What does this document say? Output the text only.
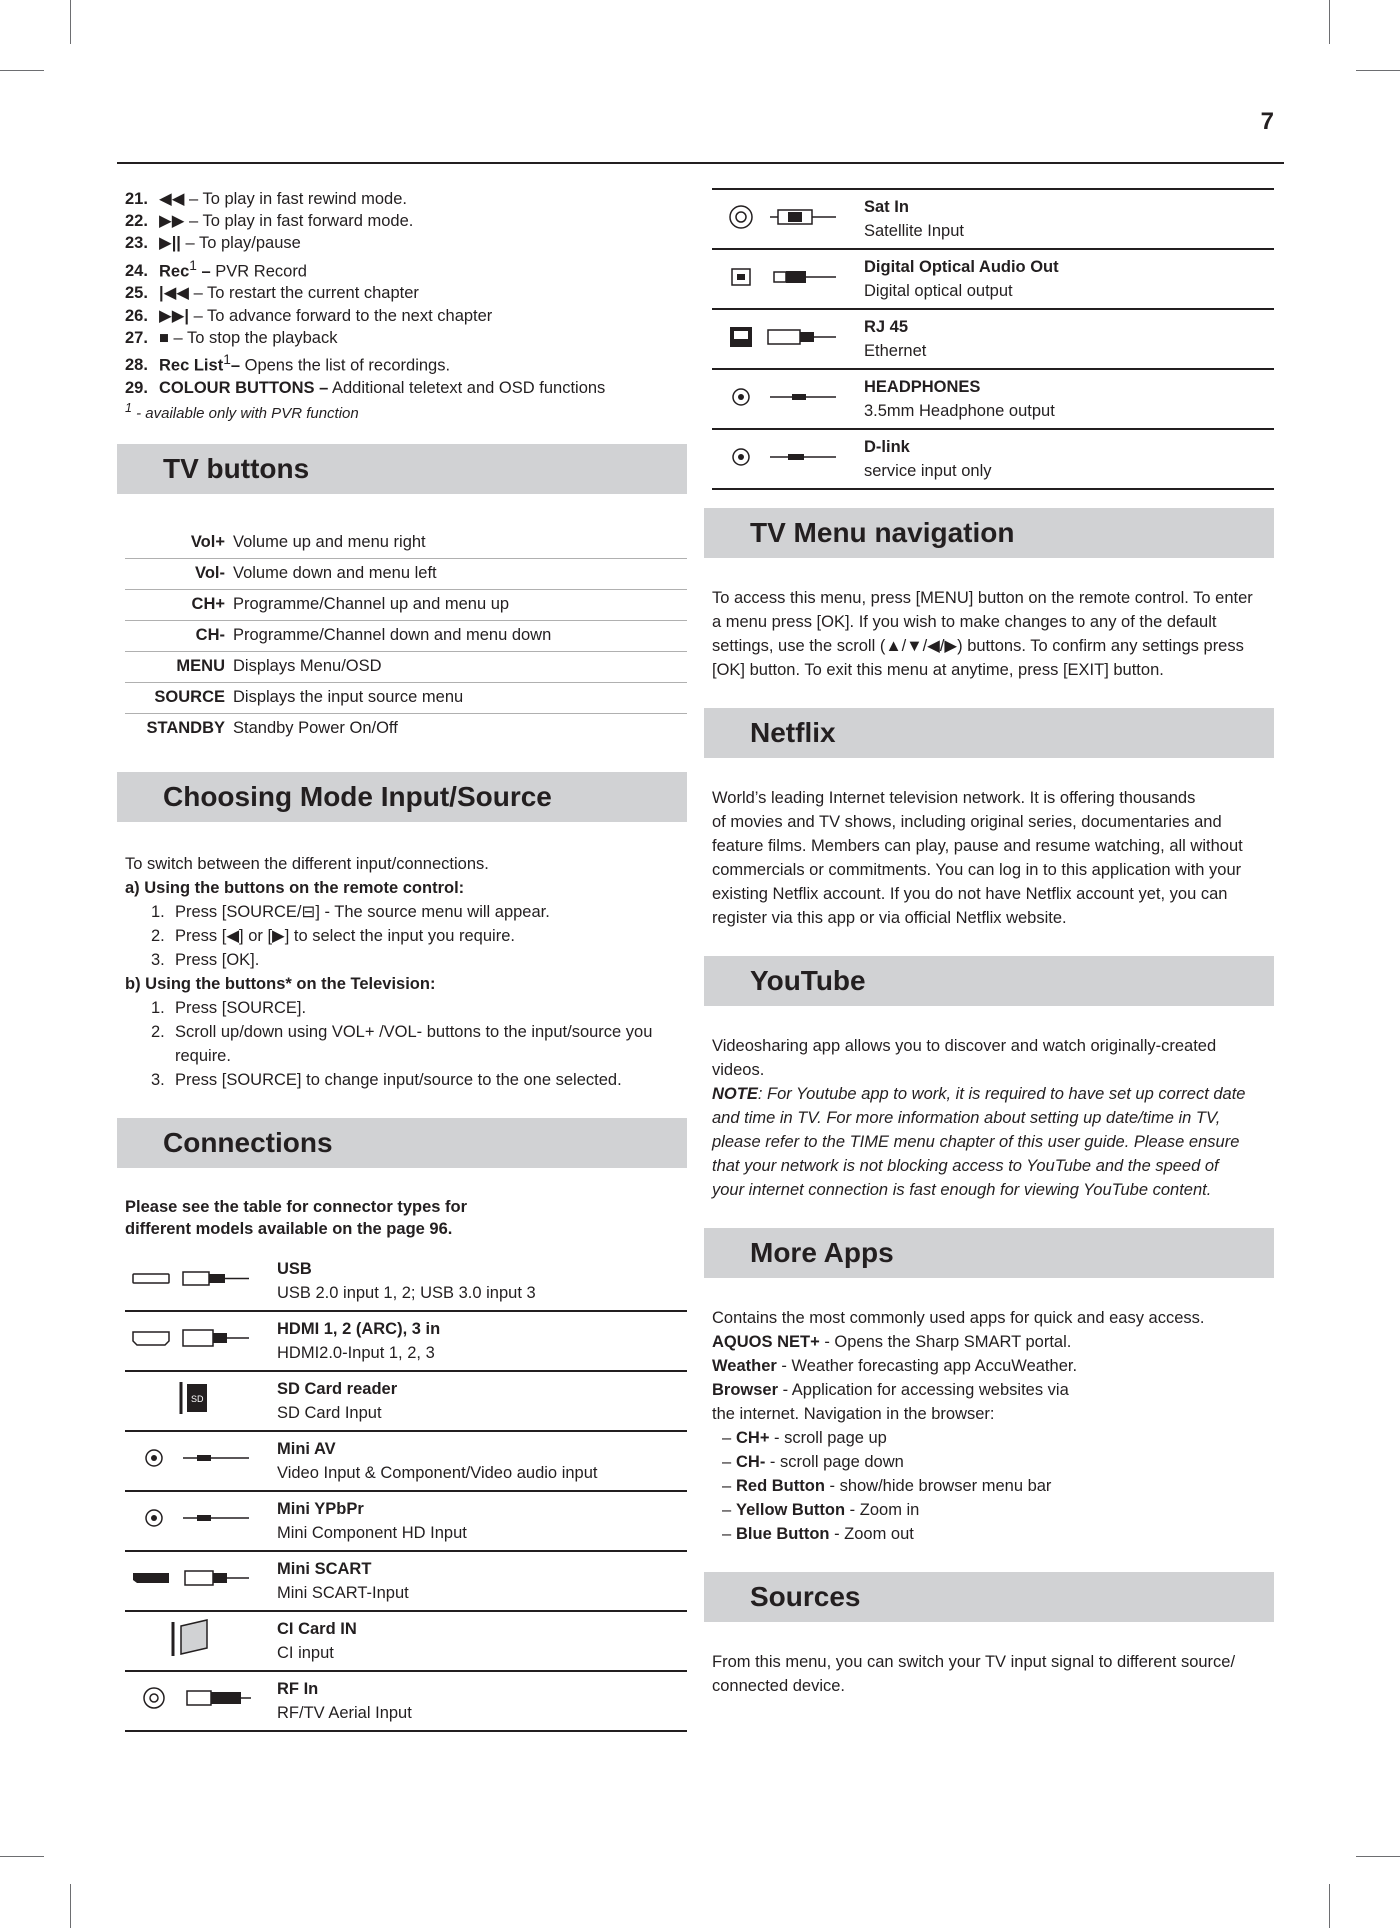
7
21. ◀◀ – To play in fast rewind mode.
22. ▶▶ – To play in fast forward mode.
23. ▶|| – To play/pause
24. Rec$^1$ – PVR Record
25. |◀◀ – To restart the current chapter
26. ▶▶| – To advance forward to the next chapter
27. ■ – To stop the playback
28. Rec List$^1$– Opens the list of recordings.
29. COLOUR BUTTONS – Additional teletext and OSD functions
$^1$ - available only with PVR function
TV buttons
Vol+	Volume up and menu right
Vol-	Volume down and menu left
CH+	Programme/Channel up and menu up
CH-	Programme/Channel down and menu down
MENU	Displays Menu/OSD
SOURCE	Displays the input source menu
STANDBY	Standby Power On/Off
Choosing Mode Input/Source
To switch between the different input/connections.
a) Using the buttons on the remote control:
1. Press [SOURCE/⊟] - The source menu will appear.
2. Press [◀] or [▶] to select the input you require.
3. Press [OK].
b) Using the buttons* on the Television:
1. Press [SOURCE].
2. Scroll up/down using VOL+ /VOL- buttons to the input/source you require.
3. Press [SOURCE] to change input/source to the one selected.
Connections
Please see the table for connector types for
different models available on the page 96.

USB
USB 2.0 input 1, 2; USB 3.0 input 3

HDMI 1, 2 (ARC), 3 in
HDMI2.0-Input 1, 2, 3

SD	SD Card reader
SD Card Input

Mini AV
Video Input & Component/Video audio input

Mini YPbPr
Mini Component HD Input

Mini SCART
Mini SCART-Input

CI Card IN
CI input

RF In
RF/TV Aerial Input

Sat In
Satellite Input

Digital Optical Audio Out
Digital optical output

RJ 45
Ethernet

HEADPHONES
3.5mm Headphone output

D-link
service input only
TV Menu navigation
To access this menu, press [MENU] button on the remote control. To enter
a menu press [OK]. If you wish to make changes to any of the default
settings, use the scroll (▲/▼/◀/▶) buttons. To confirm any settings press
[OK] button. To exit this menu at anytime, press [EXIT] button.
Netflix
World’s leading Internet television network. It is offering thousands
of movies and TV shows, including original series, documentaries and
feature films. Members can play, pause and resume watching, all without
commercials or commitments. You can log in to this application with your
existing Netflix account. If you do not have Netflix account yet, you can
register via this app or via official Netflix website.
YouTube
Videosharing app allows you to discover and watch originally-created
videos.
NOTE: For Youtube app to work, it is required to have set up correct date
and time in TV. For more information about setting up date/time in TV,
please refer to the TIME menu chapter of this user guide. Please ensure
that your network is not blocking access to YouTube and the speed of
your internet connection is fast enough for viewing YouTube content.
More Apps
Contains the most commonly used apps for quick and easy access.
AQUOS NET+ - Opens the Sharp SMART portal.
Weather - Weather forecasting app AccuWeather.
Browser - Application for accessing websites via
the internet. Navigation in the browser:
– CH+ - scroll page up
– CH- - scroll page down
– Red Button - show/hide browser menu bar
– Yellow Button - Zoom in
– Blue Button - Zoom out
Sources
From this menu, you can switch your TV input signal to different source/
connected device.
